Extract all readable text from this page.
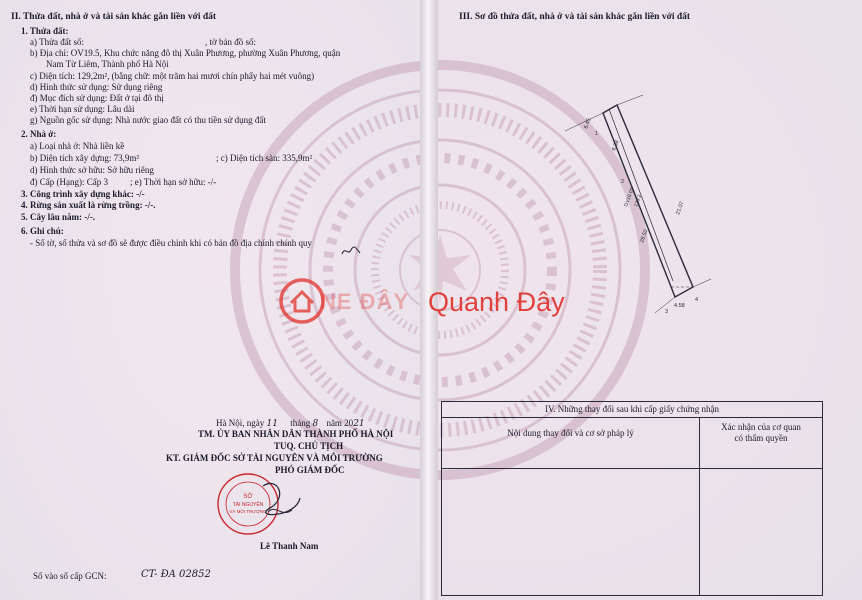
II. Thửa đất, nhà ở và tài sản khác gắn liền với đất
1. Thửa đất:
a) Thửa đất số:	, tờ bản đồ số:
b) Địa chỉ: OV19.5, Khu chức năng đô thị Xuân Phương, phường Xuân Phương, quận
Nam Từ Liêm, Thành phố Hà Nội
c) Diện tích: 129,2m², (bằng chữ: một trăm hai mươi chín phẩy hai mét vuông)
d) Hình thức sử dụng: Sử dụng riêng
đ) Mục đích sử dụng: Đất ở tại đô thị
e) Thời hạn sử dụng: Lâu dài
g) Nguồn gốc sử dụng: Nhà nước giao đất có thu tiền sử dụng đất
2. Nhà ở:
a) Loại nhà ở: Nhà liền kề
b) Diện tích xây dựng: 73,9m²	; c) Diện tích sàn: 335,9m²
d) Hình thức sở hữu: Sở hữu riêng
đ) Cấp (Hạng): Cấp 3 ; e) Thời hạn sở hữu: -/-
3. Công trình xây dựng khác: -/-
4. Rừng sản xuất là rừng trồng: -/-.
5. Cây lâu năm: -/-.
6. Ghi chú:
- Số tờ, số thửa và sơ đồ sẽ được điều chỉnh khi có bản đồ địa chính chính quy
Hà Nội, ngày 11 tháng 8 năm 2021
TM. ỦY BAN NHÂN DÂN THÀNH PHỐ HÀ NỘI
TUQ. CHỦ TỊCH
KT. GIÁM ĐỐC SỞ TÀI NGUYÊN VÀ MÔI TRƯỜNG
PHÓ GIÁM ĐỐC
SỞ
TÀI NGUYÊN
VÀ MÔI TRƯỜNG
Lê Thanh Nam
Số vào sổ cấp GCN:	CT- ĐA 02852
III. Sơ đồ thửa đất, nhà ở và tài sản khác gắn liền với đất
6.45
6.38
21.07
28.50
OV19.03
129.2
4.58
1
2
3
4
IV. Những thay đổi sau khi cấp giấy chứng nhận	
Nội dung thay đổi và cơ sở pháp lý	Xác nhận của cơ quan
có thẩm quyền

NE ĐÂY Quanh Đây
